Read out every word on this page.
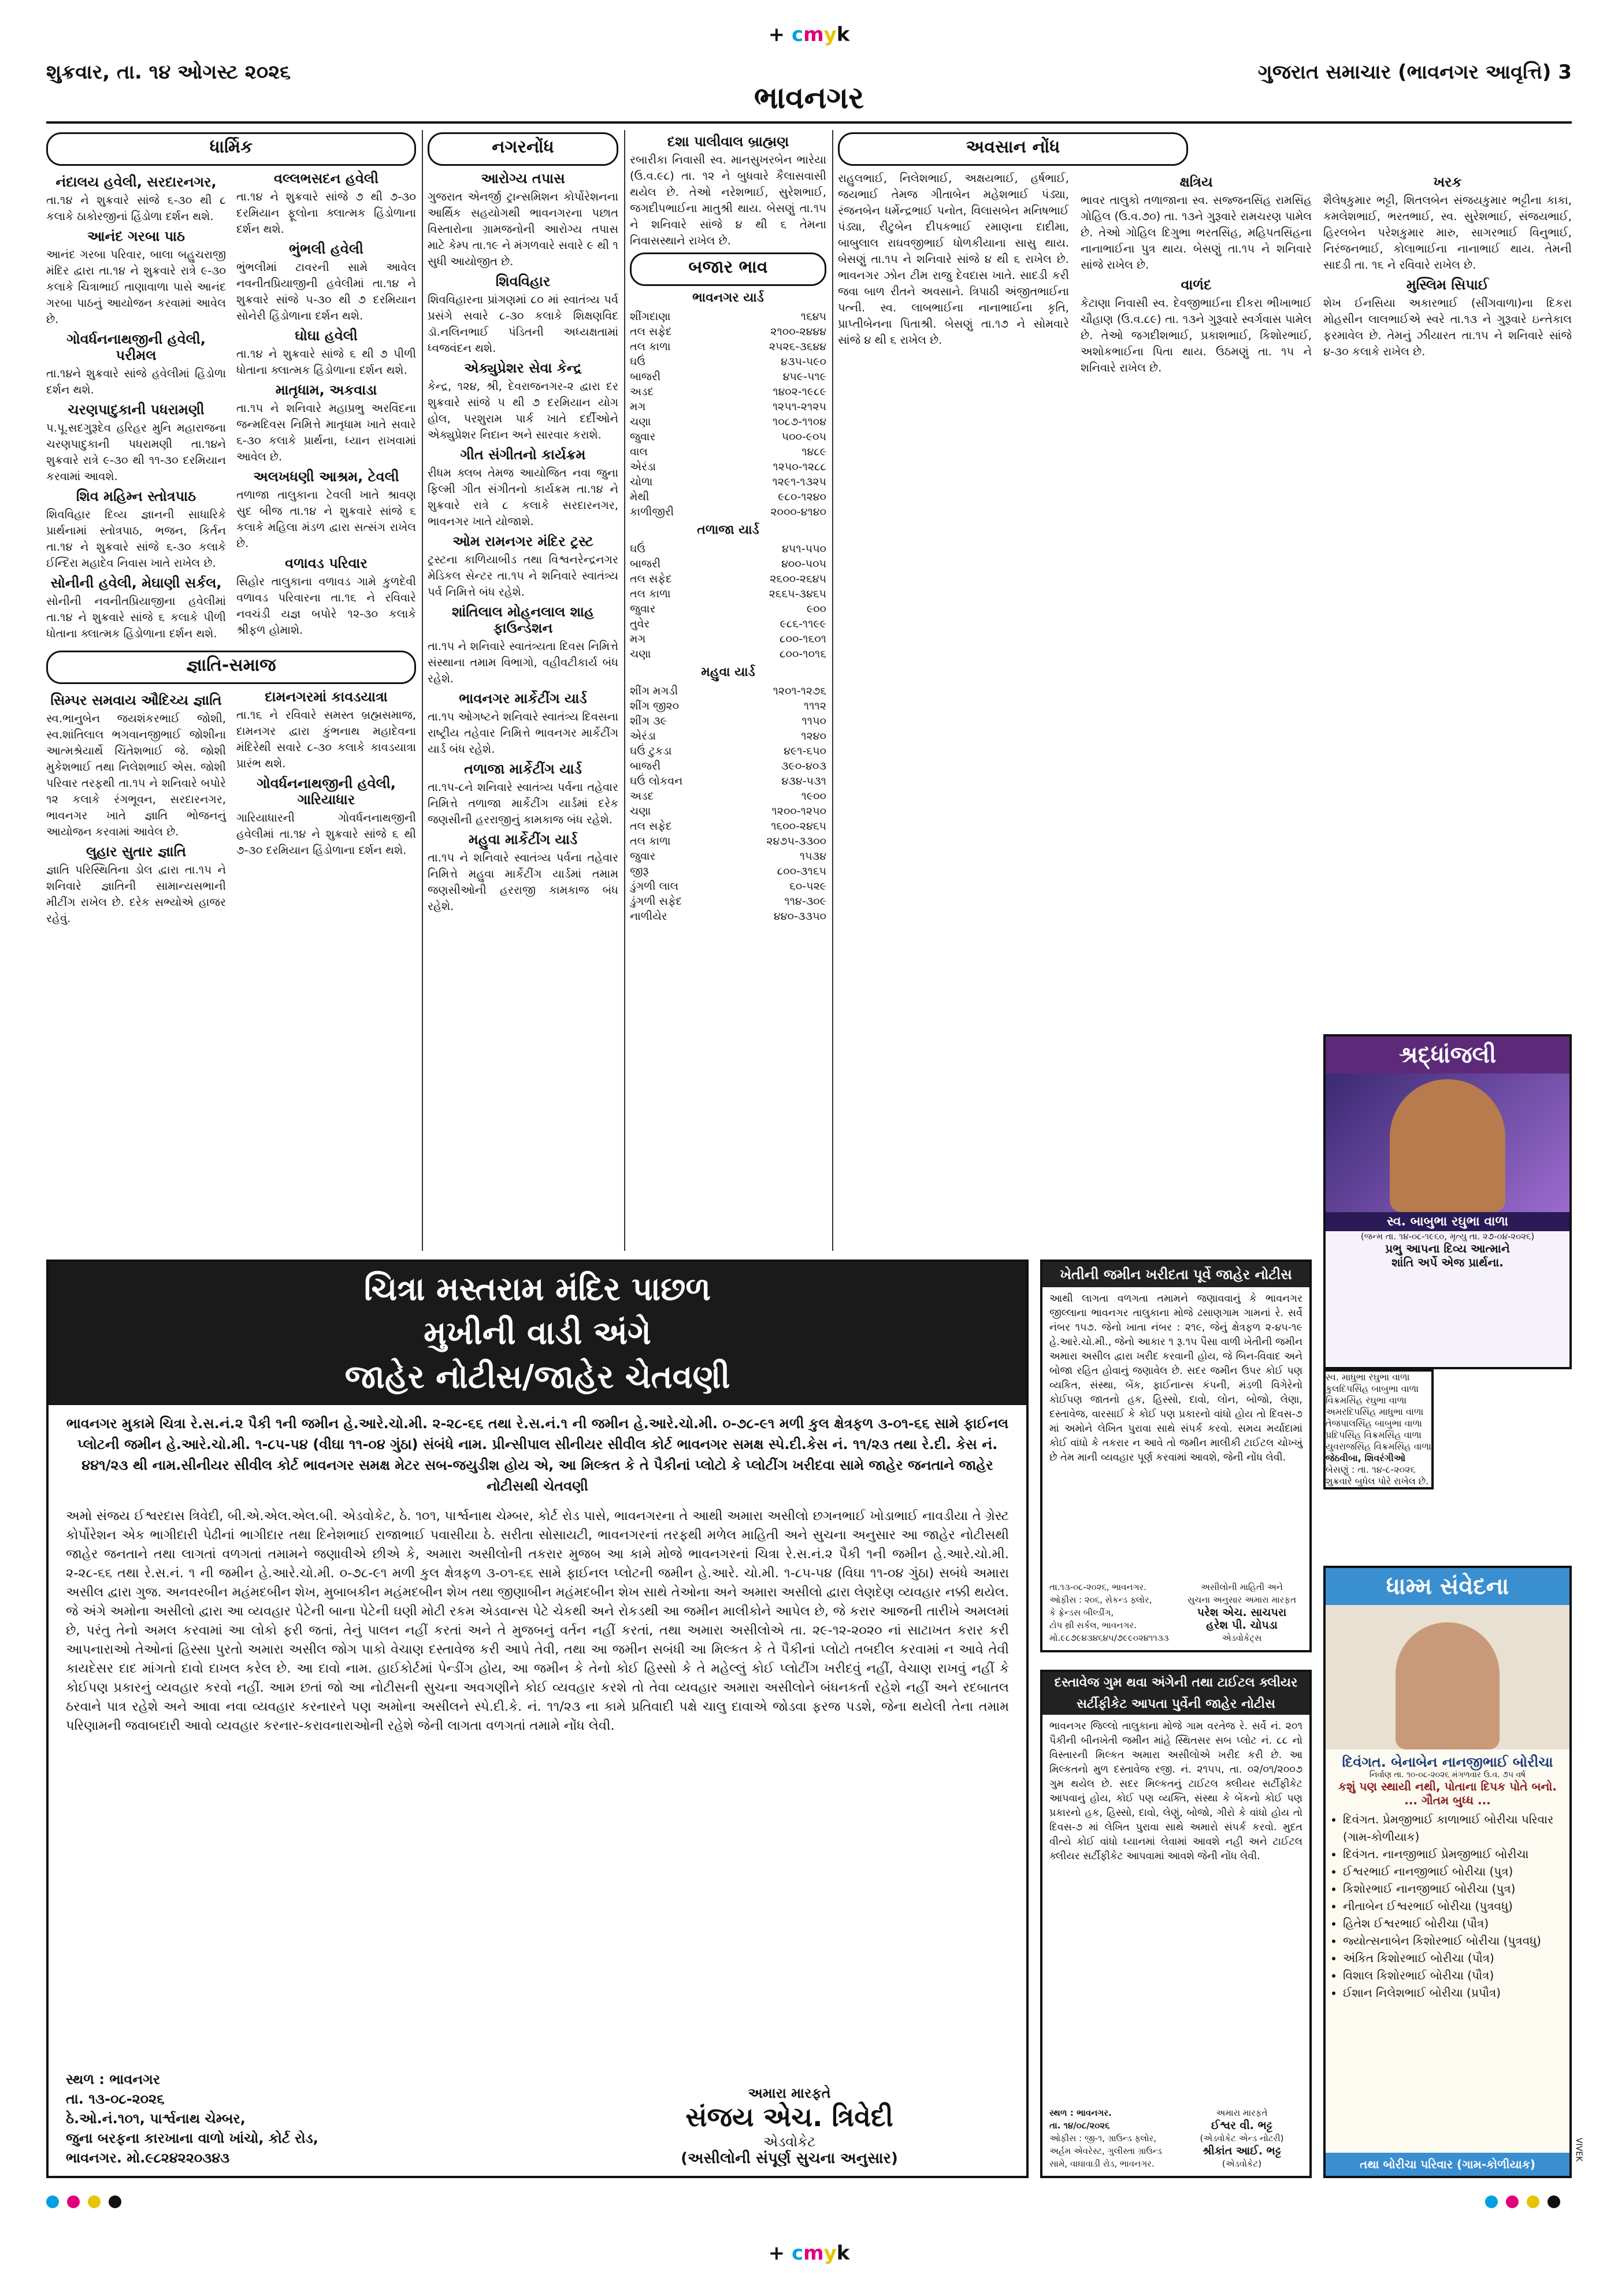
+ cmyk
શુક્રવાર, તા. ૧૪ ઓગસ્ટ ૨૦૨૬
ભાવનગર
ગુજરાત સમાચાર (ભાવનગર આવૃત્તિ) 3
ધાર્મિક
નંદાલય હવેલી, સરદારનગર,

તા.૧૪ ને શુક્રવારે સાંજે ૬-૩૦ થી ૮ કલાકે ઠાકોરજીનાં હિંડોળા દર્શન થશે.

આનંદ ગરબા પાઠ

આનંદ ગરબા પરિવાર, બાલા બહુચરાજી મંદિર દ્વારા તા.૧૪ ને શુક્રવારે રાત્રે ૯-૩૦ કલાકે ચિત્રાભાઈ તાણાવાળા પાસે આનંદ ગરબા પાઠનું આયોજન કરવામાં આવેલ છે.

ગોવર્ધનનાથજીની હવેલી, પરીમલ

તા.૧૪ને શુક્રવારે સાંજે હવેલીમાં હિંડોળા દર્શન થશે.

ચરણપાદુકાની પધરામણી

પ.પૂ.સદગુરૂદેવ હરિહર મુનિ મહારાજના ચરણપાદુકાની પધરામણી તા.૧૪ને શુક્રવારે રાત્રે ૯-૩૦ થી ૧૧-૩૦ દરમિયાન કરવામાં આવશે.

શિવ મહિમ્ન સ્તોત્રપાઠ

શિવવિહાર દિવ્ય જ્ઞાનની સાધારિકે પ્રાર્થનામાં સ્તોત્રપાઠ, ભજન, કિર્તન તા.૧૪ ને શુક્રવારે સાંજે ૬-૩૦ કલાકે ઈન્દિરા મહાદેવ નિવાસ ખાતે રાખેલ છે.

સોનીની હવેલી, મેઘાણી સર્કલ,

સોનીની નવનીતપ્રિયાજીના હવેલીમાં તા.૧૪ ને શુક્રવારે સાંજે ૬ કલાકે પીળી ધોતાના ક્લાત્મક હિંડોળાના દર્શન થશે.

વલ્લભસદન હવેલી

તા.૧૪ ને શુક્રવારે સાંજે ૭ થી ૭-૩૦ દરમિયાન ફૂલોના ક્લાત્મક હિંડોળાના દર્શન થશે.

ભુંભલી હવેલી

ભુંભલીમાં ટાવરની સામે આવેલ નવનીતપ્રિયાજીની હવેલીમાં તા.૧૪ ને શુક્રવારે સાંજે ૫-૩૦ થી ૭ દરમિયાન સોનેરી હિંડોળાના દર્શન થશે.

ઘોઘા હવેલી

તા.૧૪ ને શુક્રવારે સાંજે ૬ થી ૭ પીળી ધોતાના ક્લાત્મક હિંડોળાના દર્શન થશે.

માતૃધામ, અકવાડા

તા.૧૫ ને શનિવારે મહાપ્રભુ અરવિંદના જન્મદિવસ નિમિત્તે માતૃધામ ખાતે સવારે ૬-૩૦ કલાકે પ્રાર્થના, ધ્યાન રાખવામાં આવેલ છે.

અલખધણી આશ્રમ, ટેવલી

તળાજા તાલુકાના ટેવલી ખાતે શ્રાવણ સુદ બીજ તા.૧૪ ને શુક્રવારે સાંજે ૬ કલાકે મહિલા મંડળ દ્વારા સત્સંગ રાખેલ છે.

વળાવડ પરિવાર

સિહોર તાલુકાના વળાવડ ગામે કુળદેવી વળાવડ પરિવારના તા.૧૬ ને રવિવારે નવચંડી યજ્ઞ બપોરે ૧૨-૩૦ કલાકે શ્રીફળ હોમાશે.

જ્ઞાતિ-સમાજ
સિમ્પર સમવાય ઔદિચ્ય જ્ઞાતિ

સ્વ.ભાનુબેન જયશંકરભાઈ જોશી, સ્વ.શાંતિલાલ ભગવાનજીભાઈ જોશીના આત્મશ્રેયાર્થે ચિંતેશભાઈ જે. જોશી મુકેશભાઈ તથા નિલેશભાઈ એસ. જોશી પરિવાર તરફથી તા.૧૫ ને શનિવારે બપોરે ૧૨ કલાકે રંગભૂવન, સરદારનગર, ભાવનગર ખાતે જ્ઞાતિ ભોજનનું આયોજન કરવામાં આવેલ છે.

લુહાર સુતાર જ્ઞાતિ

જ્ઞાતિ પરિસ્થિતિના ડોલ દ્વારા તા.૧૫ ને શનિવારે જ્ઞાતિની સામાન્યસભાની મીટીંગ રાખેલ છે. દરેક સભ્યોએ હાજર રહેવું.

દામનગરમાં કાવડયાત્રા

તા.૧૬ ને રવિવારે સમસ્ત બ્રહ્મસમાજ, દામનગર દ્વારા કુંભનાથ મહાદેવના મંદિરેથી સવારે ૮-૩૦ કલાકે કાવડયાત્રા પ્રારંભ થશે.

ગોવર્ધનનાથજીની હવેલી, ગારિયાધાર

ગારિયાધારની ગોવર્ધનનાથજીની હવેલીમાં તા.૧૪ ને શુક્રવારે સાંજે ૬ થી ૭-૩૦ દરમિયાન હિંડોળાના દર્શન થશે.

નગરનોંધ
આરોગ્ય તપાસ

ગુજરાત એનર્જી ટ્રાન્સમિશન કોર્પોરેશનના આર્થિક સહયોગથી ભાવનગરના પછાત વિસ્તારોના ગ્રામજનોની આરોગ્ય તપાસ માટે કેમ્પ તા.૧૯ ને મંગળવારે સવારે ૯ થી ૧ સુધી આયોજીત છે.

શિવવિહાર

શિવવિહારના પ્રાંગણમાં ૮૦ માં સ્વાતંત્ર્ય પર્વ પ્રસંગે સવારે ૮-૩૦ કલાકે શિક્ષણવિદ ડૉ.નલિનભાઈ પંડિતની અધ્યક્ષતામાં ધ્વજવંદન થશે.

એક્યુપ્રેશર સેવા કેન્દ્ર

કેન્દ્ર, ૧૨૪, શ્રી, દેવરાજનગર-૨ દ્વારા દર શુક્રવારે સાંજે ૫ થી ૭ દરમિયાન યોગ હોલ, પરશુરામ પાર્ક ખાતે દર્દીઓને એક્યુપ્રેશર નિદાન અને સારવાર કરાશે.

ગીત સંગીતનો કાર્યક્રમ

રીધમ ક્લબ તેમજ આયોજિત નવા જુના ફિલ્મી ગીત સંગીતનો કાર્યક્રમ તા.૧૪ ને શુક્રવારે રાત્રે ૮ કલાકે સરદારનગર, ભાવનગર ખાતે યોજાશે.

ઓમ રામનગર મંદિર ટ્રસ્ટ

ટ્રસ્ટના કાળિયાબીડ તથા વિશ્વનરેન્દ્રનગર મેડિકલ સેન્ટર તા.૧૫ ને શનિવારે સ્વાતંત્ર્ય પર્વ નિમિત્તે બંધ રહેશે.

શાંતિલાલ મોહનલાલ શાહ ફાઉન્ડેશન

તા.૧૫ ને શનિવારે સ્વાતંત્ર્યતા દિવસ નિમિત્તે સંસ્થાના તમામ વિભાગો, વહીવટીકાર્ય બંધ રહેશે.

ભાવનગર માર્કેટીંગ યાર્ડ

તા.૧૫ ઓગષ્ટને શનિવારે સ્વાતંત્ર્ય દિવસના રાષ્ટ્રીય તહેવાર નિમિત્તે ભાવનગર માર્કેટીંગ યાર્ડ બંધ રહેશે.

તળાજા માર્કેટીંગ યાર્ડ

તા.૧૫-૮ને શનિવારે સ્વાતંત્ર્ય પર્વના તહેવાર નિમિત્તે તળાજા માર્કેટીંગ યાર્ડમાં દરેક જણસીની હરરાજીનું કામકાજ બંધ રહેશે.

મહુવા માર્કેટીંગ યાર્ડ

તા.૧૫ ને શનિવારે સ્વાતંત્ર્ય પર્વના તહેવાર નિમિત્તે મહુવા માર્કેટીંગ યાર્ડમાં તમામ જણસીઓની હરરાજી કામકાજ બંધ રહેશે.

દશા પાલીવાલ બ્રાહ્મણ

રબારીકા નિવાસી સ્વ. માનસુખરબેન ભારેયા (ઉ.વ.૯૮) તા. ૧૨ ને બુધવારે કૈલાસવાસી થયેલ છે. તેઓ નરેશભાઈ, સુરેશભાઈ, જગદીપભાઈના માતુશ્રી થાય. બેસણું તા.૧૫ ને શનિવારે સાંજે ૪ થી ૬ તેમના નિવાસસ્થાને રાખેલ છે.

બજાર ભાવ
ભાવનગર યાર્ડ
શીંગદાણા	૧૬૪૫
તલ સફેદ	૨૧૦૦-૨૪૪૪
તલ કાળા	૨૫૨૬-૩૬૪૪
ઘઉં	૪૩૫-૫૯૦
બાજરી	૪૫૯-૫૧૯
અડદ	૧૪૦૨-૧૯૮૯
મગ	૧૨૫૧-૨૧૨૫
ચણા	૧૦૮૭-૧૧૦૪
જુવાર	૫૦૦-૯૦૫
વાલ	૧૪૮૯
એરંડા	૧૨૫૦-૧૨૮૮
ચોળા	૧૨૯૧-૧૩૨૫
મેથી	૯૮૦-૧૨૪૦
કાળીજીરી	૨૦૦૦-૪૧૪૦
તળાજા યાર્ડ
ઘઉં	૪૫૧-૫૫૦
બાજરી	૪૦૦-૫૦૫
તલ સફેદ	૨૬૦૦-૨૬૪૫
તલ કાળા	૨૬૬૫-૩૪૬૫
જુવાર	૯૦૦
તુવેર	૯૮૬-૧૧૯૯
મગ	૮૦૦-૧૬૦૧
ચણા	૮૦૦-૧૦૧૬
મહુવા યાર્ડ
શીંગ મગડી	૧૨૦૧-૧૨૭૬
શીંગ જી૨૦	૧૧૧૨
શીંગ ૩૯	૧૧૫૦
એરંડા	૧૨૪૦
ઘઉં ટુકડા	૪૯૧-૬૫૦
બાજરી	૩૯૦-૪૦૩
ઘઉં લોકવન	૪૩૪-૫૩૧
અડદ	૧૯૦૦
ચણા	૧૨૦૦-૧૨૫૦
તલ સફેદ	૧૬૦૦-૨૪૬૫
તલ કાળા	૨૪૭૫-૩૩૦૦
જુવાર	૧૫૩૪
જીરૂ	૮૦૦-૩૧૬૫
ડુંગળી લાલ	૬૦-૫૨૯
ડુંગળી સફેદ	૧૧૪-૩૦૯
નાળીયેર	૪૪૦-૩૩૫૦
અવસાન નોંધ

રાહુલભાઈ, નિલેશભાઈ, અક્ષયભાઈ, હર્ષભાઈ, જયભાઈ તેમજ ગીતાબેન મહેશભાઈ પંડ્યા, રંજનબેન ધર્મેન્દ્રભાઈ પનોત, વિલાસબેન મનિષભાઈ પંડ્યા, રીટુબેન દીપકભાઈ રમાણના દાદીમા, બાબુલાલ રાઘવજીભાઈ ધોળકીયાના સાસુ થાય. બેસણું તા.૧૫ ને શનિવારે સાંજે ૪ થી ૬ રાખેલ છે. ભાવનગર ઝોન ટીમ રાજુ દેવદાસ ખાતે. સાદડી કરી જવા બાળ રીતને અવસાને. ત્રિપાઠી અંજીતભાઈના પત્ની. સ્વ. લાબભાઈના નાનાભાઈના કૃતિ, પ્રાપ્તીબેનના પિતાશ્રી. બેસણું તા.૧૭ ને સોમવારે સાંજે ૪ થી ૬ રાખેલ છે.

ક્ષત્રિય

ભાવર તાલુકો તળાજાના સ્વ. સજ્જનસિંહ રામસિંહ ગોહિલ (ઉ.વ.૭૦) તા. ૧૩ને ગુરૂવારે રામચરણ પામેલ છે. તેઓ ગોહિલ દિગુભા ભરતસિંહ, મહિપતસિંહના નાનાભાઈના પુત્ર થાય. બેસણું તા.૧૫ ને શનિવારે સાંજે રાખેલ છે.

વાળંદ

કેટાણા નિવાસી સ્વ. દેવજીભાઈના દીકરા ભીખાભાઈ ચૌહાણ (ઉ.વ.૮૯) તા. ૧૩ને ગુરૂવારે સ્વર્ગવાસ પામેલ છે. તેઓ જગદીશભાઈ, પ્રકાશભાઈ, કિશોરભાઈ, અશોકભાઈના પિતા થાય. ઉઠમણું તા. ૧૫ ને શનિવારે રાખેલ છે.

ખરક

શૈલેષકુમાર ભટ્ટી, શિતલબેન સંજયકુમાર ભટ્ટીના કાકા, કમલેશભાઈ, ભરતભાઈ, સ્વ. સુરેશભાઈ, સંજયભાઈ, હિરલબેન પરેશકુમાર મારુ, સાગરભાઈ વિનુભાઈ, નિરંજનભાઈ, કોલાભાઈના નાનાભાઈ થાય. તેમની સાદડી તા. ૧૬ ને રવિવારે રાખેલ છે.

મુસ્લિમ સિપાઈ

શેખ ઈનસિયા અકારભાઈ (સીંગવાળા)ના દિકરા મોહસીન લાલભાઈએ સ્વરે તા.૧૩ ને ગુરૂવારે ઇન્તેકાલ ફરમાવેલ છે. તેમનું ઝીયારત તા.૧૫ ને શનિવારે સાંજે ૪-૩૦ કલાકે રાખેલ છે.

શ્રદ્ધાંજલી
સ્વ. બાબુભા રઘુભા વાળા
(જન્મ તા. ૧૪-૦૮-૧૯૬૦, મૃત્યુ તા. ૨૭-૦૪-૨૦૨૬)
પ્રભુ આપના દિવ્ય આત્માને
શાંતિ અર્પે એજ પ્રાર્થના.
સ્વ. માધુભા રઘુભા વાળા
કુલદિપસિંહ બાબુભા વાળા
વિક્રમસિંહ રઘુભા વાળા
અમરદિપસિંહ માધુભા વાળા
તેજપાલસિંહ બાબુભા વાળા
પ્રદિપસિંહ વિક્રમસિંહ વાળા
યુવરાજસિંહ વિક્રમસિંહ વાળા
જેઠવીબા, શિવરંગીઓ
બેસણું : તા. ૧૪-૮-૨૦૨૬
શુક્રવારે બુધેલ પોરે રાખેલ છે.
ચિત્રા મસ્તરામ મંદિર પાછળ
મુખીની વાડી અંગે
જાહેર નોટીસ/જાહેર ચેતવણી
ભાવનગર મુકામે ચિત્રા રે.સ.નં.૨ પૈકી ૧ની જમીન હે.આરે.ચો.મી. ૨-૨૮-૬૬ તથા રે.સ.નં.૧ ની જમીન હે.આરે.ચો.મી. ૦-૭૮-૯૧ મળી કુલ ક્ષેત્રફળ ૩-૦૧-૬૬ સામે ફાઈનલ પ્લોટની જમીન હે.આરે.ચો.મી. ૧-૮૫-૫૪ (વીઘા ૧૧-૦૪ ગુંઠા) સંબંધે નામ. પ્રીન્સીપાલ સીનીયર સીવીલ કોર્ટ ભાવનગર સમક્ષ સ્પે.દી.કેસ નં. ૧૧/૨૩ તથા રે.દી. કેસ નં. ૪૪૧/૨૩ થી નામ.સીનીયર સીવીલ કોર્ટ ભાવનગર સમક્ષ મેટર સબ-જયુડીશ હોય એ, આ મિલ્કત કે તે પૈકીનાં પ્લોટો કે પ્લોટીંગ ખરીદવા સામે જાહેર જનતાને જાહેર નોટીસથી ચેતવણી
અમો સંજય ઈશ્વરદાસ ત્રિવેદી, બી.એ.એલ.એલ.બી. એડવોકેટ, ઠે. ૧૦૧, પાર્શ્વનાથ ચેમ્બર, કોર્ટ રોડ પાસે, ભાવનગરના તે આથી અમારા અસીલો છગનભાઈ ખોડાભાઈ નાવડીયા તે ગ્રેસ્ટ કોર્પોરેશન એક ભાગીદારી પેઢીનાં ભાગીદાર તથા દિનેશભાઈ રાજાભાઈ પવાસીયા ઠે. સરીતા સોસાયટી, ભાવનગરનાં તરફથી મળેલ માહિતી અને સુચના અનુસાર આ જાહેર નોટીસથી જાહેર જનતાને તથા લાગતાં વળગતાં તમામને જણાવીએ છીએ કે, અમારા અસીલોની તકરાર મુજબ આ કામે મોજે ભાવનગરનાં ચિત્રા રે.સ.નં.૨ પૈકી ૧ની જમીન હે.આરે.ચો.મી. ૨-૨૮-૬૬ તથા રે.સ.નં. ૧ ની જમીન હે.આરે.ચો.મી. ૦-૭૮-૯૧ મળી કુલ ક્ષેત્રફળ ૩-૦૧-૬૬ સામે ફાઈનલ પ્લોટની જમીન હે.આરે. ચો.મી. ૧-૮૫-૫૪ (વિઘા ૧૧-૦૪ ગુંઠા) સબંધે અમારા અસીલ દ્વારા ગુજ. અનવરબીન મહંમદબીન શેખ, મુબાબકીન મહંમદબીન શેખ તથા જીણાબીન મહંમદબીન શેખ સાથે તેઓના અને અમારા અસીલો દ્વારા લેણદેણ વ્યવહાર નક્કી થયેલ. જે અંગે અમોના અસીલો દ્વારા આ વ્યવહાર પેટેની બાના પેટેની ઘણી મોટી રકમ એડવાન્સ પેટે ચેકથી અને રોકડથી આ જમીન માલીકોને આપેલ છે, જે કરાર આજની તારીખે અમલમાં છે, પરંતુ તેનો અમલ કરવામાં આ લોકો ફરી જતાં, તેનું પાલન નહીં કરતાં અને તે મુજબનું વર્તન નહીં કરતાં, તથા અમારા અસીલોએ તા. ૨૯-૧૨-૨૦૨૦ નાં સાટાખત કરાર કરી આપનારાઓ તેઓનાં હિસ્સા પુરતો અમારા અસીલ જોગ પાકો વેચાણ દસ્તાવેજ કરી આપે તેવી, તથા આ જમીન સબંધી આ મિલ્કત કે તે પૈકીનાં પ્લોટો તબદીલ કરવામાં ન આવે તેવી કાયદેસર દાદ માંગતો દાવો દાખલ કરેલ છે. આ દાવો નામ. હાઈકોર્ટમાં પેન્ડીંગ હોય, આ જમીન કે તેનો કોઈ હિસ્સો કે તે મહેલ્લું કોઈ પ્લોટીંગ ખરીદવું નહીં, વેચાણ રાખવું નહીં કે કોઈપણ પ્રકારનું વ્યવહાર કરવો નહીં. આમ છતાં જો આ નોટીસની સુચના અવગણીને કોઈ વ્યવહાર કરશે તો તેવા વ્યવહાર અમારા અસીલોને બંધનકર્તા રહેશે નહીં અને રદબાતલ ઠરવાને પાત્ર રહેશે અને આવા નવા વ્યવહાર કરનારને પણ અમોના અસીલને સ્પે.દી.કે. નં. ૧૧/૨૩ ના કામે પ્રતિવાદી પક્ષે ચાલુ દાવાએ જોડવા ફરજ પડશે, જેના થયેલી તેના તમામ પરિણામની જવાબદારી આવો વ્યવહાર કરનાર-કરાવનારાઓની રહેશે જેની લાગતા વળગતાં તમામે નોંધ લેવી.
સ્થળ : ભાવનગર
તા. ૧૩-૦૮-૨૦૨૬
ઠે.ઓ.નં.૧૦૧, પાર્શ્વનાથ ચેમ્બર,
જુના બરફના કારખાના વાળો ખાંચો, કોર્ટ રોડ,
ભાવનગર. મો.૯૮૨૪૨૨૦૩૪૩
અમારા મારફતે
સંજય એચ. ત્રિવેદી
એડવોકેટ
(અસીલોની સંપૂર્ણ સુચના અનુસાર)
ખેતીની જમીન ખરીદતા પૂર્વે જાહેર નોટીસ
આથી લાગતા વળગતા તમામને જણાવવાનું કે ભાવનગર જીલ્લાના ભાવનગર તાલુકાના મોજે ઢસાણગામ ગામનાં રે. સર્વે નંબર ૧૫૭. જેનો ખાતા નંબર : ૨૧૯, જેનું ક્ષેત્રફળ ૨-૪૫-૧૯ હે.આરે.ચો.મી., જેનો આકાર ૧ રૂ.૧૫ પૈસા વાળી ખેતીની જમીન અમારા અસીલ દ્વારા ખરીદ કરવાની હોય, જે બિન-વિવાદ અને બોજા રહિત હોવાનું જણાવેલ છે. સદર જમીન ઉપર કોઈ પણ વ્યકિત, સંસ્થા, બેંક, ફાઈનાન્સ કંપની, મંડળી વિગેરેનો કોઈપણ જાતનો હક, હિસ્સો, દાવો, લોન, બોજો, લેણા, દસ્તાવેજ, વારસાઈ કે કોઈ પણ પ્રકારનો વાંધો હોય તો દિવસ-૭ માં અમોને લેખિત પુરાવા સાથે સંપર્ક કરવો. સમય મર્યાદામાં કોઈ વાંધો કે તકરાર ન આવે તો જમીન માલીકી ટાઈટલ ચોખ્ખું છે તેમ માની વ્યવહાર પૂર્ણ કરવામાં આવશે, જેની નોંધ લેવી.
તા.૧૩-૦૮-૨૦૨૬, ભાવનગર.
ઓફીસ : ૨૦૬, સેકન્ડ ફ્લોર,
કે ફ્રેન્ડસ બીલ્ડીંગ,
ટોપ થ્રી સર્કલ, ભાવનગર.
મો.૯૮૭૯૪૩૪૬૪૫/૭૯૯૦૨૪૧૧૩૩
અસીલોની માહિતી અને
સુચના અનુસાર અમારા મારફત
પરેશ એચ. સાચપરા
હરેશ પી. ચોપડા
એડવોકેટ્સ
દસ્તાવેજ ગુમ થવા અંગેની તથા ટાઈટલ ક્લીયર
સર્ટીફીકેટ આપતા પુર્વેની જાહેર નોટીસ
ભાવનગર જિલ્લો તાલુકાના મોજે ગામ વરતેજ રે. સર્વે નં. ૨૦૧ પૈકીની બીનખેતી જમીન માંહે સ્થિતસર સબ પ્લોટ નં. ૮૮ નો વિસ્તારની મિલ્કત અમારા અસીલોએ ખરીદ કરી છે. આ મિલ્કતનો મુળ દસ્તાવેજ રજી. નં. ૨૧૫૫, તા. ૦૨/૦૧/૨૦૦૭ ગુમ થયેલ છે. સદર મિલ્કતનું ટાઈટલ ક્લીયર સર્ટીફીકેટ આપવાનું હોય, કોઈ પણ વ્યક્તિ, સંસ્થા કે બેંકનો કોઈ પણ પ્રકારનો હક, હિસ્સો, દાવો, લેણું, બોજો, ગીરો કે વાંધો હોય તો દિવસ-૭ માં લેખિત પુરાવા સાથે અમારો સંપર્ક કરવો. મુદત વીત્યે કોઈ વાંધો ધ્યાનમાં લેવામાં આવશે નહી અને ટાઈટલ ક્લીયર સર્ટીફીકેટ આપવામાં આવશે જેની નોંધ લેવી.
સ્થળ : ભાવનગર.
તા. ૧૪/૦૮/૨૦૨૬
ઓફીસ : જી-૧, ગ્રાઉન્ડ ફ્લોર,
અર્હમ એવરેસ્ટ, ગુલીસ્તા ગ્રાઉન્ડ
સામે, વાઘાવાડી રોડ, ભાવનગર.
અમારા મારફતે
ઈશ્વર વી. ભટ્ટ
(એડવોકેટ એન્ડ નોટરી)
શ્રીકાંત આઈ. ભટ્ટ
(એડવોકેટ)
ધામ્મ સંવેદના
દિવંગત. બેનાબેન નાનજીભાઈ બોરીચા
નિર્વાણ તા. ૧૦-૦૮-૨૦૨૬ મંગળવાર ઉ.વ. ૭૫ વર્ષ
કશું પણ સ્થાયી નથી, પોતાના દિપક પોતે બનો.
... ગૌતમ બુધ્ધ ...
• દિવંગત. પ્રેમજીભાઈ કાળાભાઈ બોરીચા પરિવાર (ગામ-કોળીયાક)
• દિવંગત. નાનજીભાઈ પ્રેમજીભાઈ બોરીચા
• ઈશ્વરભાઈ નાનજીભાઈ બોરીચા (પુત્ર)
• કિશોરભાઈ નાનજીભાઈ બોરીચા (પુત્ર)
• નીતાબેન ઈશ્વરભાઈ બોરીચા (પુત્રવધુ)
• હિતેશ ઈશ્વરભાઈ બોરીચા (પૌત્ર)
• જ્યોત્સનાબેન કિશોરભાઈ બોરીચા (પુત્રવધુ)
• અંકિત કિશોરભાઈ બોરીચા (પૌત્ર)
• વિશાલ કિશોરભાઈ બોરીચા (પૌત્ર)
• ઈશાન નિલેશભાઈ બોરીચા (પ્રપૌત્ર)
તથા બોરીચા પરિવાર (ગામ-કોળીયાક)
+ cmyk
VIVEK
